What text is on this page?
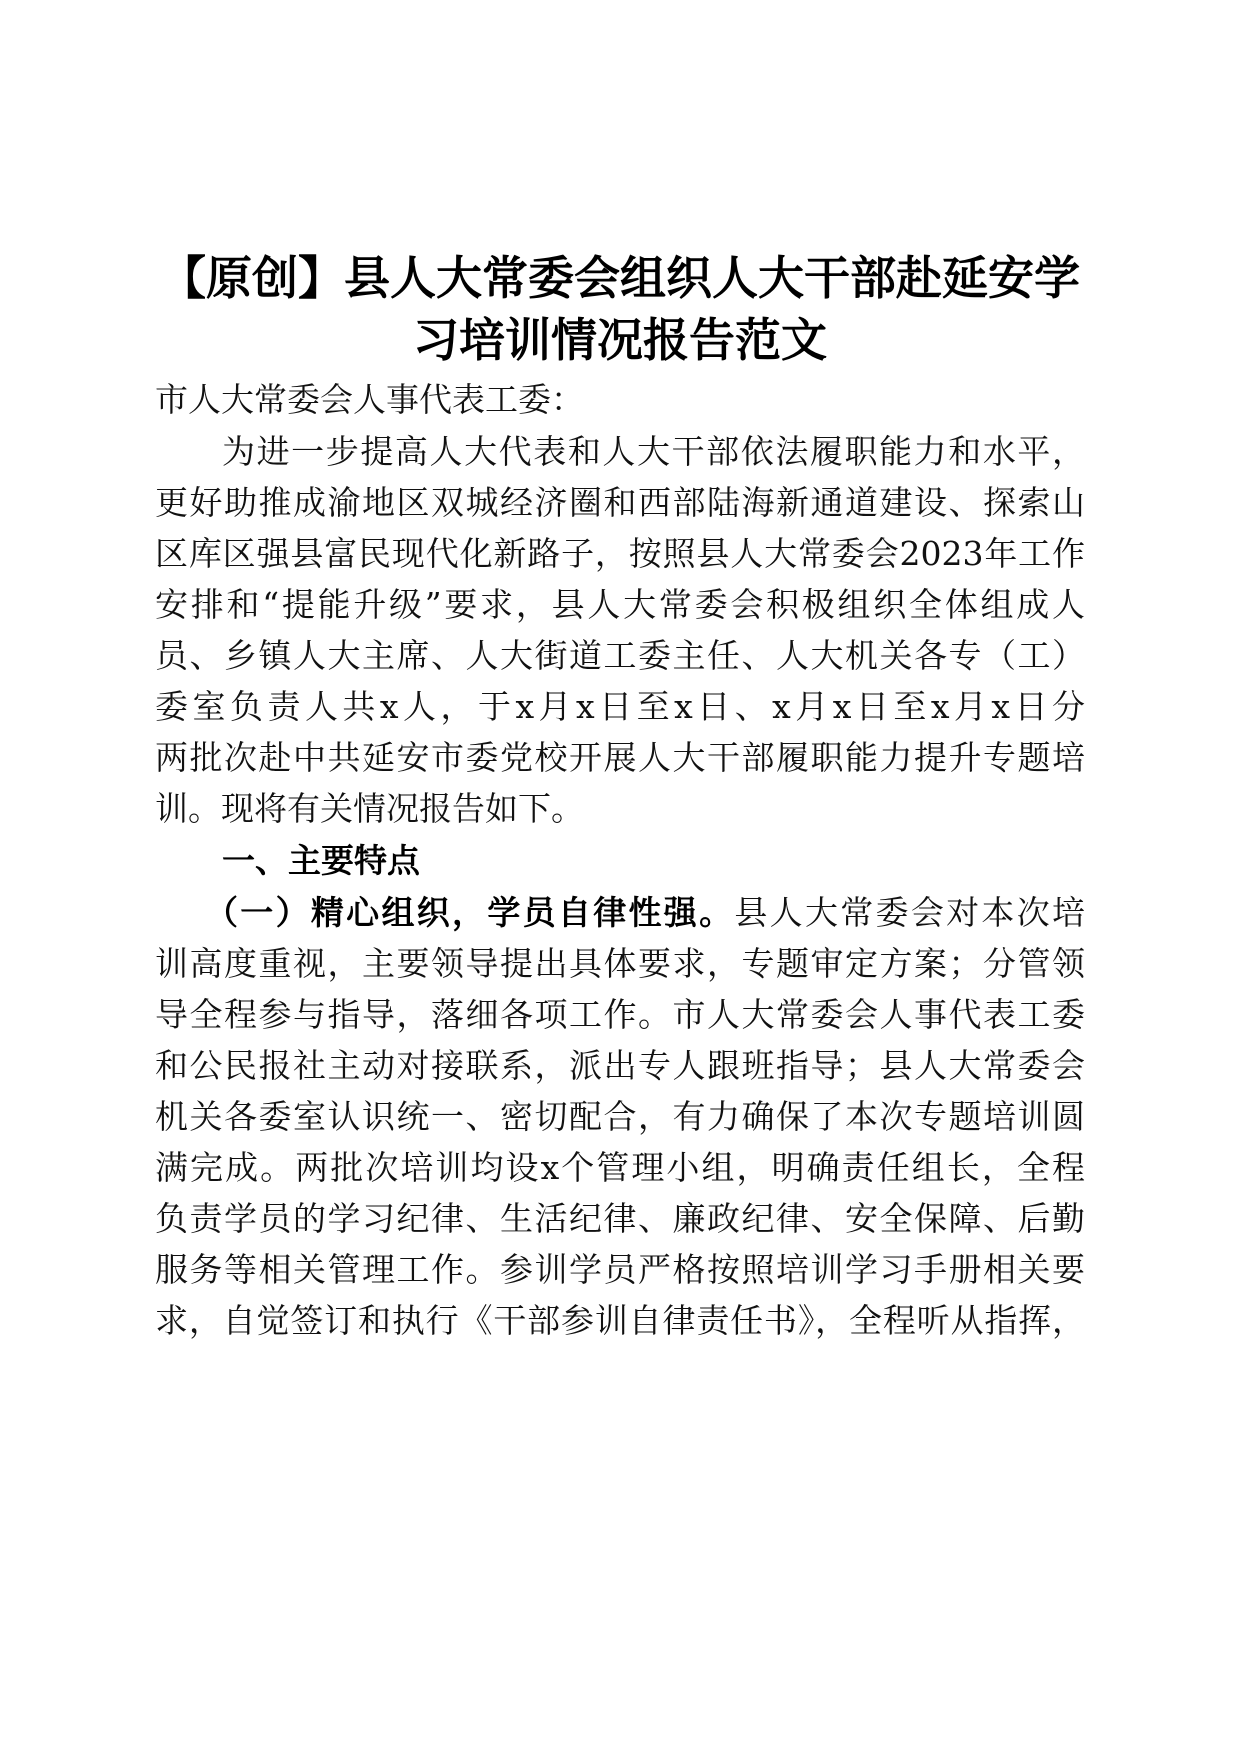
【原创】县人大常委会组织人大干部赴延安学
习培训情况报告范文
市人大常委会人事代表工委：
为进一步提高人大代表和人大干部依法履职能力和水平，
更好助推成渝地区双城经济圈和西部陆海新通道建设、探索山
区库区强县富民现代化新路子，按照县人大常委会2023年工作
安排和“提能升级”要求，县人大常委会积极组织全体组成人
员、乡镇人大主席、人大街道工委主任、人大机关各专（工）
委室负责人共x人，于x月x日至x日、x月x日至x月x日分
两批次赴中共延安市委党校开展人大干部履职能力提升专题培
训。现将有关情况报告如下。
一、主要特点
（一）精心组织，学员自律性强。县人大常委会对本次培
训高度重视，主要领导提出具体要求，专题审定方案；分管领
导全程参与指导，落细各项工作。市人大常委会人事代表工委
和公民报社主动对接联系，派出专人跟班指导；县人大常委会
机关各委室认识统一、密切配合，有力确保了本次专题培训圆
满完成。两批次培训均设x个管理小组，明确责任组长，全程
负责学员的学习纪律、生活纪律、廉政纪律、安全保障、后勤
服务等相关管理工作。参训学员严格按照培训学习手册相关要
求，自觉签订和执行《干部参训自律责任书》，全程听从指挥，
